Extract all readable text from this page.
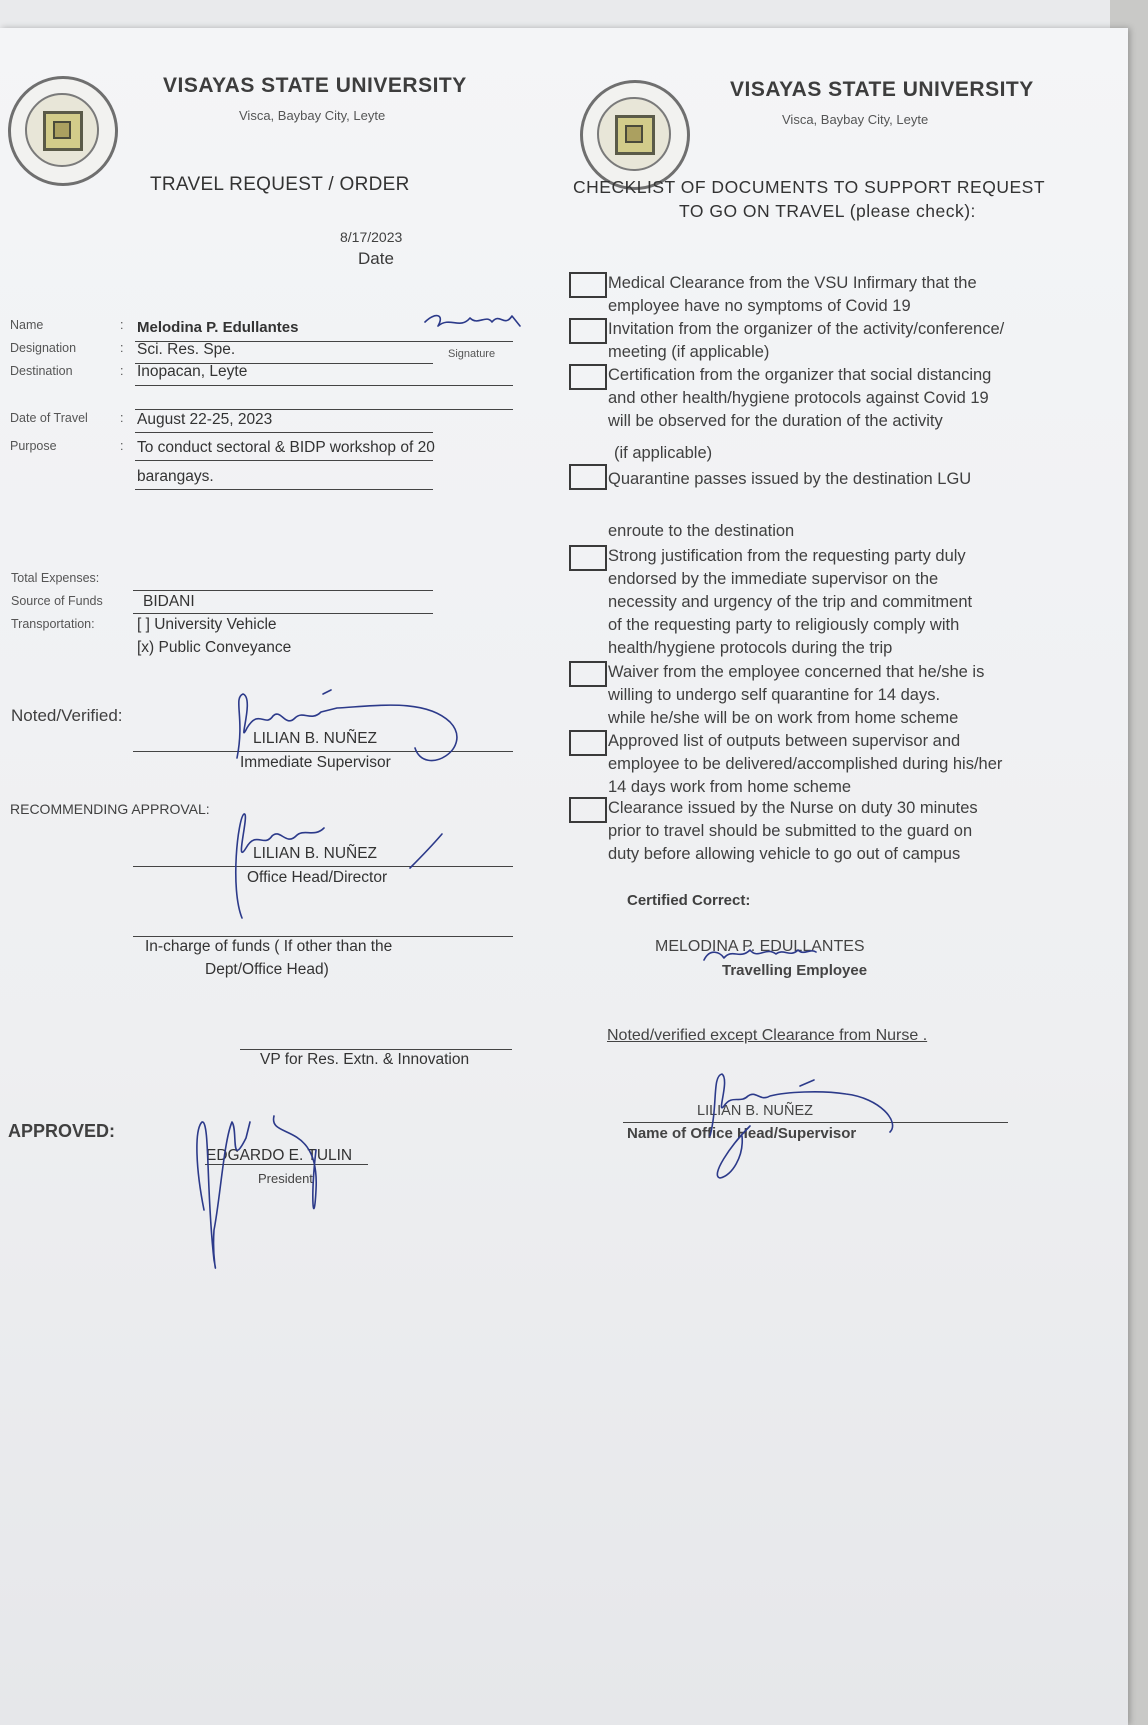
VISAYAS STATE UNIVERSITY
Visca, Baybay City, Leyte
TRAVEL REQUEST / ORDER
8/17/2023
Date
Name	: Melodina P. Edullantes
Signature
Designation	: Sci. Res. Spe.
Destination	: Inopacan, Leyte
Date of Travel	: August 22-25, 2023
Purpose	: To conduct sectoral & BIDP workshop of 20
barangays.
Total Expenses:
Source of Funds	BIDANI
Transportation:	[ ] University Vehicle
[x) Public Conveyance
Noted/Verified:
LILIAN B. NUÑEZ
Immediate Supervisor
RECOMMENDING APPROVAL:
LILIAN B. NUÑEZ
Office Head/Director
In-charge of funds ( If other than the
Dept/Office Head)
VP for Res. Extn. & Innovation
APPROVED:
EDGARDO E. TULIN
President
VISAYAS STATE UNIVERSITY
Visca, Baybay City, Leyte
CHECKLIST OF DOCUMENTS TO SUPPORT REQUEST
TO GO ON TRAVEL (please check):
Medical Clearance from the VSU Infirmary that the
employee have no symptoms of Covid 19
Invitation from the organizer of the activity/conference/
meeting (if applicable)
Certification from the organizer that social distancing
and other health/hygiene protocols against Covid 19
will be observed for the duration of the activity
(if applicable)
Quarantine passes issued by the destination LGU
enroute to the destination
Strong justification from the requesting party duly
endorsed by the immediate supervisor on the
necessity and urgency of the trip and commitment
of the requesting party to religiously comply with
health/hygiene protocols during the trip
Waiver from the employee concerned that he/she is
willing to undergo self quarantine for 14 days.
while he/she will be on work from home scheme
Approved list of outputs between supervisor and
employee to be delivered/accomplished during his/her
14 days work from home scheme
Clearance issued by the Nurse on duty 30 minutes
prior to travel should be submitted to the guard on
duty before allowing vehicle to go out of campus
Certified Correct:
MELODINA P. EDULLANTES
Travelling Employee
Noted/verified except Clearance from Nurse .
LILIAN B. NUÑEZ
Name of Office Head/Supervisor
